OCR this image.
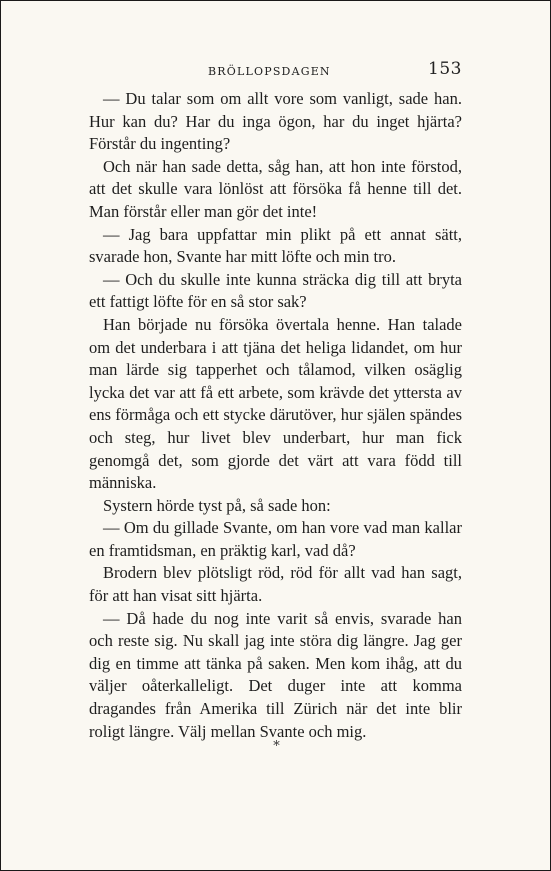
BRÖLLOPSDAGEN	153

— Du talar som om allt vore som vanligt, sade han. Hur kan du? Har du inga ögon, har du inget hjärta? Förstår du ingenting?

Och när han sade detta, såg han, att hon inte förstod, att det skulle vara lönlöst att försöka få henne till det. Man förstår eller man gör det inte!

— Jag bara uppfattar min plikt på ett annat sätt, svarade hon, Svante har mitt löfte och min tro.

— Och du skulle inte kunna sträcka dig till att bryta ett fattigt löfte för en så stor sak?

Han började nu försöka övertala henne. Han talade om det underbara i att tjäna det heliga lidandet, om hur man lärde sig tapperhet och tålamod, vilken osäglig lycka det var att få ett arbete, som krävde det yttersta av ens förmåga och ett stycke därutöver, hur själen spändes och steg, hur livet blev underbart, hur man fick genomgå det, som gjorde det värt att vara född till människa.

Systern hörde tyst på, så sade hon:

— Om du gillade Svante, om han vore vad man kallar en framtidsman, en präktig karl, vad då?

Brodern blev plötsligt röd, röd för allt vad han sagt, för att han visat sitt hjärta.

— Då hade du nog inte varit så envis, svarade han och reste sig. Nu skall jag inte störa dig längre. Jag ger dig en timme att tänka på saken. Men kom ihåg, att du väljer oåterkalleligt. Det duger inte att komma dragandes från Amerika till Zürich när det inte blir roligt längre. Välj mellan Svante och mig.

*
